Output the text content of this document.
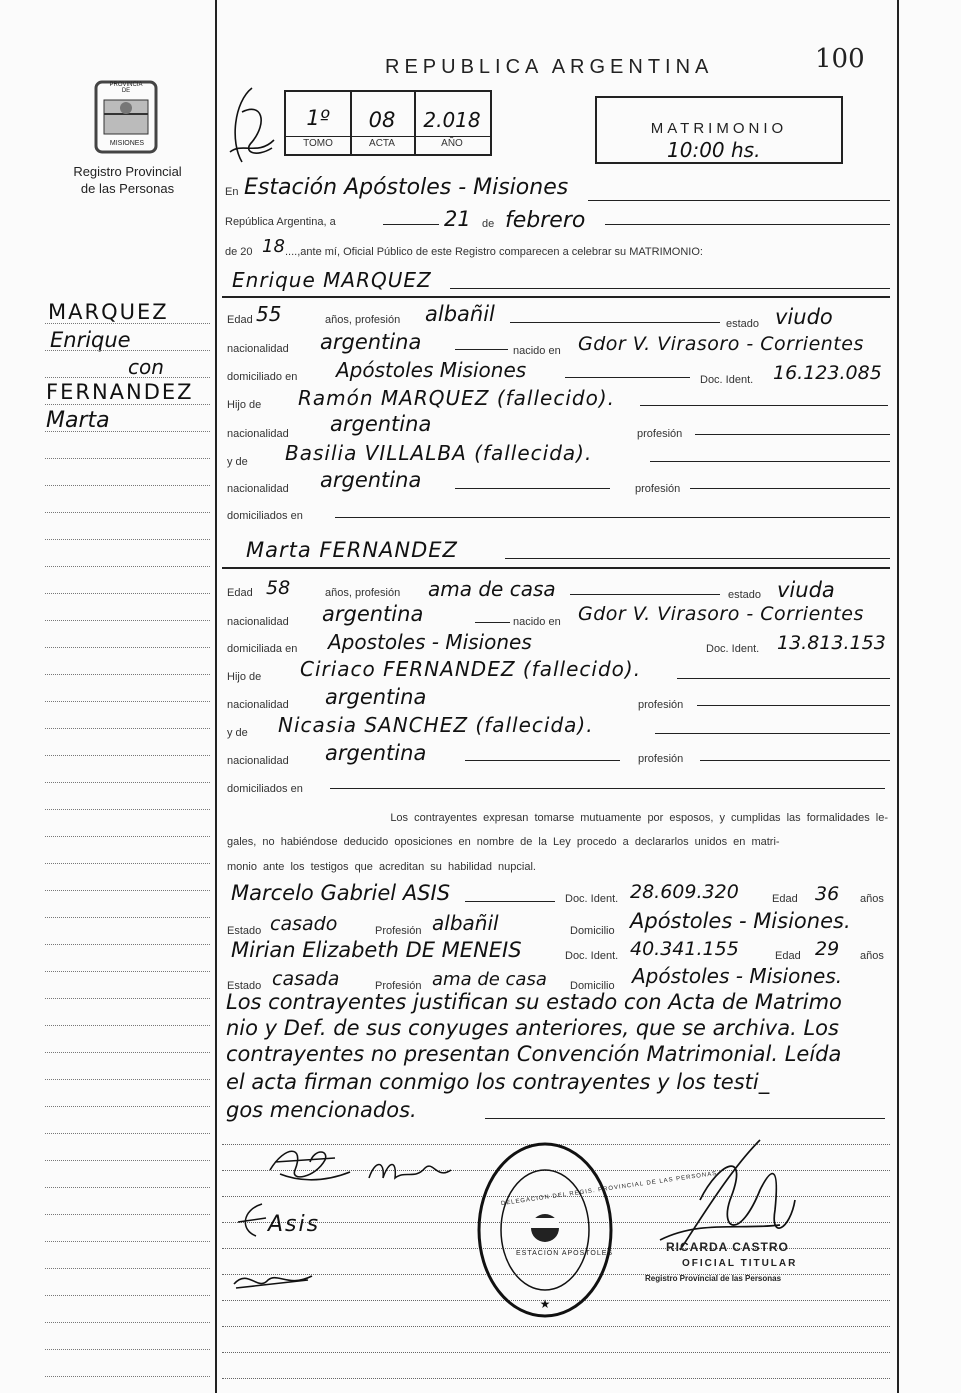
PROVINCIA DE
MISIONES
Registro Provincial
de las Personas
MARQUEZ
Enrique
con
FERNANDEZ
Marta
REPUBLICA ARGENTINA	100
1º	08	2.018
TOMO	ACTA	AÑO
MATRIMONIO
10:00 hs.
En Estación Apóstoles - Misiones
República Argentina, a	21 de febrero
de 20 18 ....,ante mí, Oficial Público de este Registro comparecen a celebrar su MATRIMONIO:
Enrique MARQUEZ
Edad 55	años, profesión albañil	estado viudo
nacionalidad argentina	nacido en Gdor V. Virasoro - Corrientes
domiciliado en Apóstoles Misiones	Doc. Ident. 16.123.085
Hijo de Ramón MARQUEZ (fallecido).
nacionalidad argentina	profesión
y de Basilia VILLALBA (fallecida).
nacionalidad argentina	profesión
domiciliados en
Marta FERNANDEZ
Edad 58	años, profesión ama de casa	estado viuda
nacionalidad argentina	nacido en Gdor V. Virasoro - Corrientes
domiciliada en Apostoles - Misiones	Doc. Ident. 13.813.153
Hijo de Ciriaco FERNANDEZ (fallecido).
nacionalidad argentina	profesión
y de Nicasia SANCHEZ (fallecida).
nacionalidad argentina	profesión
domiciliados en
Los contrayentes expresan tomarse mutuamente por esposos, y cumplidas las formalidades le-
gales, no habiéndose deducido oposiciones en nombre de la Ley procedo a declararlos unidos en matri-
monio ante los testigos que acreditan su habilidad nupcial.
Marcelo Gabriel ASIS	Doc. Ident. 28.609.320	Edad 36 años
Estado casado	Profesión albañil	Domicilio Apóstoles - Misiones.
Mirian Elizabeth DE MENEIS	Doc. Ident. 40.341.155	Edad 29 años
Estado casada	Profesión ama de casa Domicilio Apóstoles - Misiones.
Los contrayentes justifican su estado con Acta de Matrimo
nio y Def. de sus conyuges anteriores, que se archiva. Los
contrayentes no presentan Convención Matrimonial. Leída
el acta firman conmigo los contrayentes y los testi_
gos mencionados.
Asis
★
DELEGACION DEL REGIS. PROVINCIAL DE LAS PERSONAS
ESTACION APOSTOLES	RICARDA CASTRO
OFICIAL TITULAR
Registro Provincial de las Personas
